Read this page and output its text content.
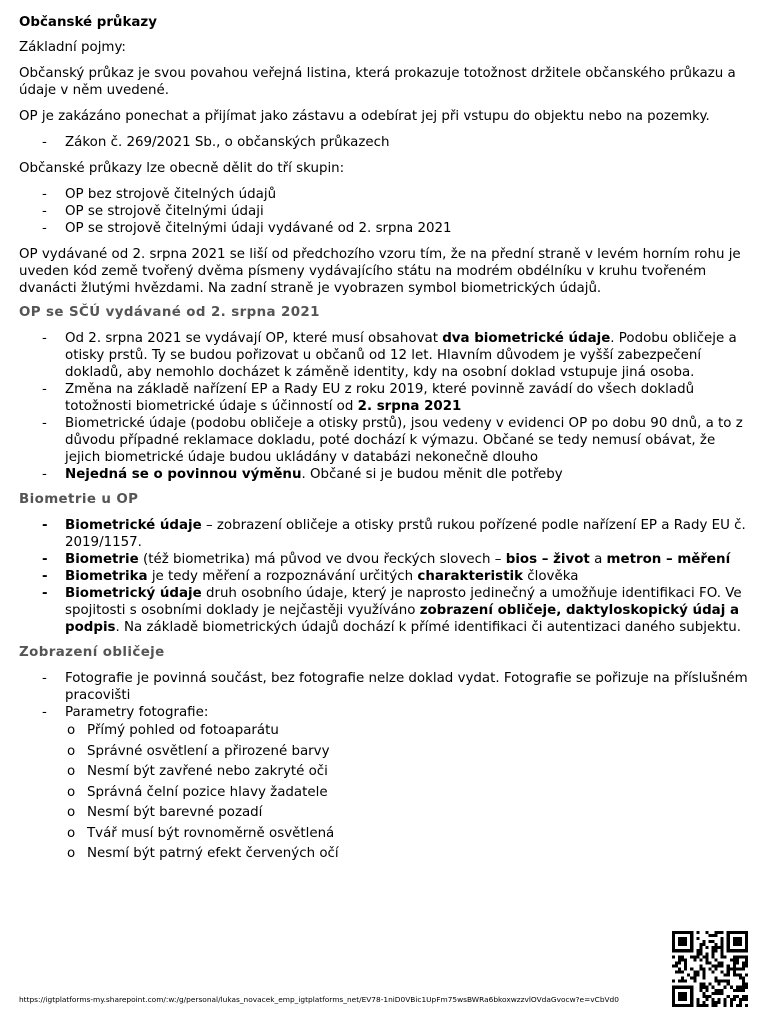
Občanské průkazy

Základní pojmy:

Občanský průkaz je svou povahou veřejná listina, která prokazuje totožnost držitele občanského průkazu a údaje v něm uvedené.

OP je zakázáno ponechat a přijímat jako zástavu a odebírat jej při vstupu do objektu nebo na pozemky.

- Zákon č. 269/2021 Sb., o občanských průkazech

Občanské průkazy lze obecně dělit do tří skupin:

- OP bez strojově čitelných údajů
- OP se strojově čitelnými údaji
- OP se strojově čitelnými údaji vydávané od 2. srpna 2021

OP vydávané od 2. srpna 2021 se liší od předchozího vzoru tím, že na přední straně v levém horním rohu je uveden kód země tvořený dvěma písmeny vydávajícího státu na modrém obdélníku v kruhu tvořeném dvanácti žlutými hvězdami. Na zadní straně je vyobrazen symbol biometrických údajů.

OP se SČÚ vydávané od 2. srpna 2021
- Od 2. srpna 2021 se vydávají OP, které musí obsahovat dva biometrické údaje. Podobu obličeje a otisky prstů. Ty se budou pořizovat u občanů od 12 let. Hlavním důvodem je vyšší zabezpečení dokladů, aby nemohlo docházet k záměně identity, kdy na osobní doklad vstupuje jiná osoba.
- Změna na základě nařízení EP a Rady EU z roku 2019, které povinně zavádí do všech dokladů totožnosti biometrické údaje s účinností od 2. srpna 2021
- Biometrické údaje (podobu obličeje a otisky prstů), jsou vedeny v evidenci OP po dobu 90 dnů, a to z důvodu případné reklamace dokladu, poté dochází k výmazu. Občané se tedy nemusí obávat, že jejich biometrické údaje budou ukládány v databázi nekonečně dlouho
- Nejedná se o povinnou výměnu. Občané si je budou měnit dle potřeby
Biometrie u OP
- Biometrické údaje – zobrazení obličeje a otisky prstů rukou pořízené podle nařízení EP a Rady EU č. 2019/1157.
- Biometrie (též biometrika) má původ ve dvou řeckých slovech – bios – život a metron – měření
- Biometrika je tedy měření a rozpoznávání určitých charakteristik člověka
- Biometrický údaje druh osobního údaje, který je naprosto jedinečný a umožňuje identifikaci FO. Ve spojitosti s osobními doklady je nejčastěji využíváno zobrazení obličeje, daktyloskopický údaj a podpis. Na základě biometrických údajů dochází k přímé identifikaci či autentizaci daného subjektu.
Zobrazení obličeje
- Fotografie je povinná součást, bez fotografie nelze doklad vydat. Fotografie se pořizuje na příslušném pracovišti
- Parametry fotografie:
o Přímý pohled od fotoaparátu
o Správné osvětlení a přirozené barvy
o Nesmí být zavřené nebo zakryté oči
o Správná čelní pozice hlavy žadatele
o Nesmí být barevné pozadí
o Tvář musí být rovnoměrně osvětlená
o Nesmí být patrný efekt červených očí
https://igtplatforms-my.sharepoint.com/:w:/g/personal/lukas_novacek_emp_igtplatforms_net/EV78-1niD0VBic1UpFm75wsBWRa6bkoxwzzvlOVdaGvocw?e=vCbVd0
